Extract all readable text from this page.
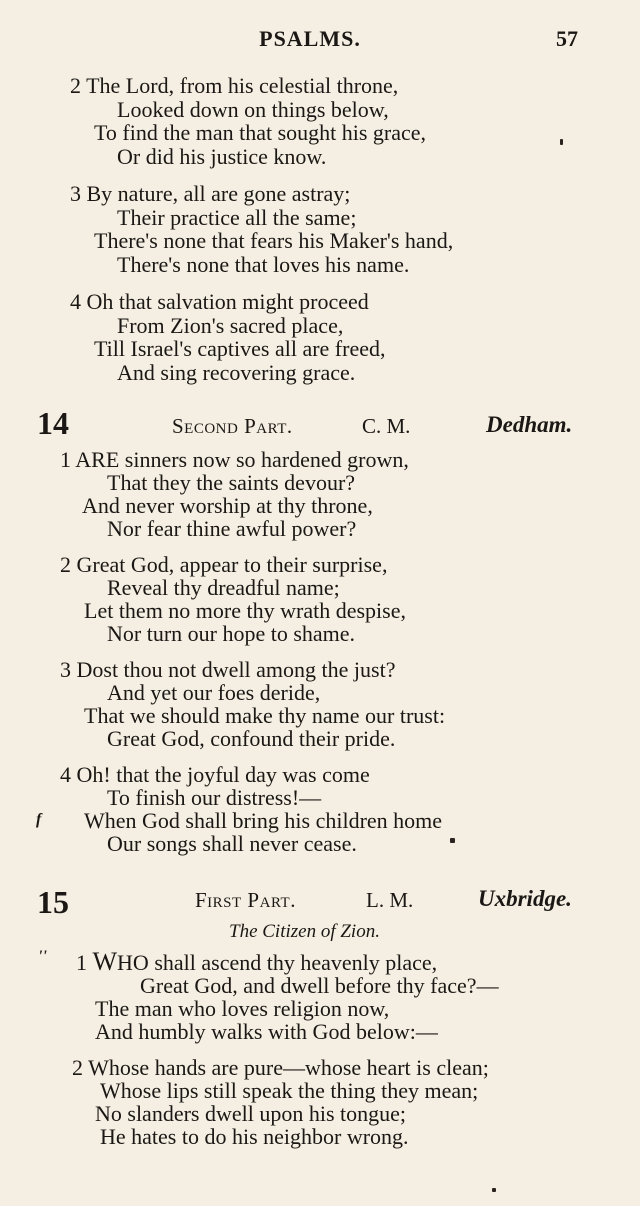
PSALMS.	57
2 The Lord, from his celestial throne,
Looked down on things below,
To find the man that sought his grace,
Or did his justice know.
3 By nature, all are gone astray;
Their practice all the same;
There's none that fears his Maker's hand,
There's none that loves his name.
4 Oh that salvation might proceed
From Zion's sacred place,
Till Israel's captives all are freed,
And sing recovering grace.
14	Second Part.	C. M.	Dedham.
1 ARE sinners now so hardened grown,
That they the saints devour?
And never worship at thy throne,
Nor fear thine awful power?
2 Great God, appear to their surprise,
Reveal thy dreadful name;
Let them no more thy wrath despise,
Nor turn our hope to shame.
3 Dost thou not dwell among the just?
And yet our foes deride,
That we should make thy name our trust:
Great God, confound their pride.
4 Oh! that the joyful day was come
To finish our distress!—
f When God shall bring his children home
Our songs shall never cease.
15	First Part.	L. M.	Uxbridge.
The Citizen of Zion.
'' 1 WHO shall ascend thy heavenly place,
Great God, and dwell before thy face?—
The man who loves religion now,
And humbly walks with God below:—
2 Whose hands are pure—whose heart is clean;
Whose lips still speak the thing they mean;
No slanders dwell upon his tongue;
He hates to do his neighbor wrong.
